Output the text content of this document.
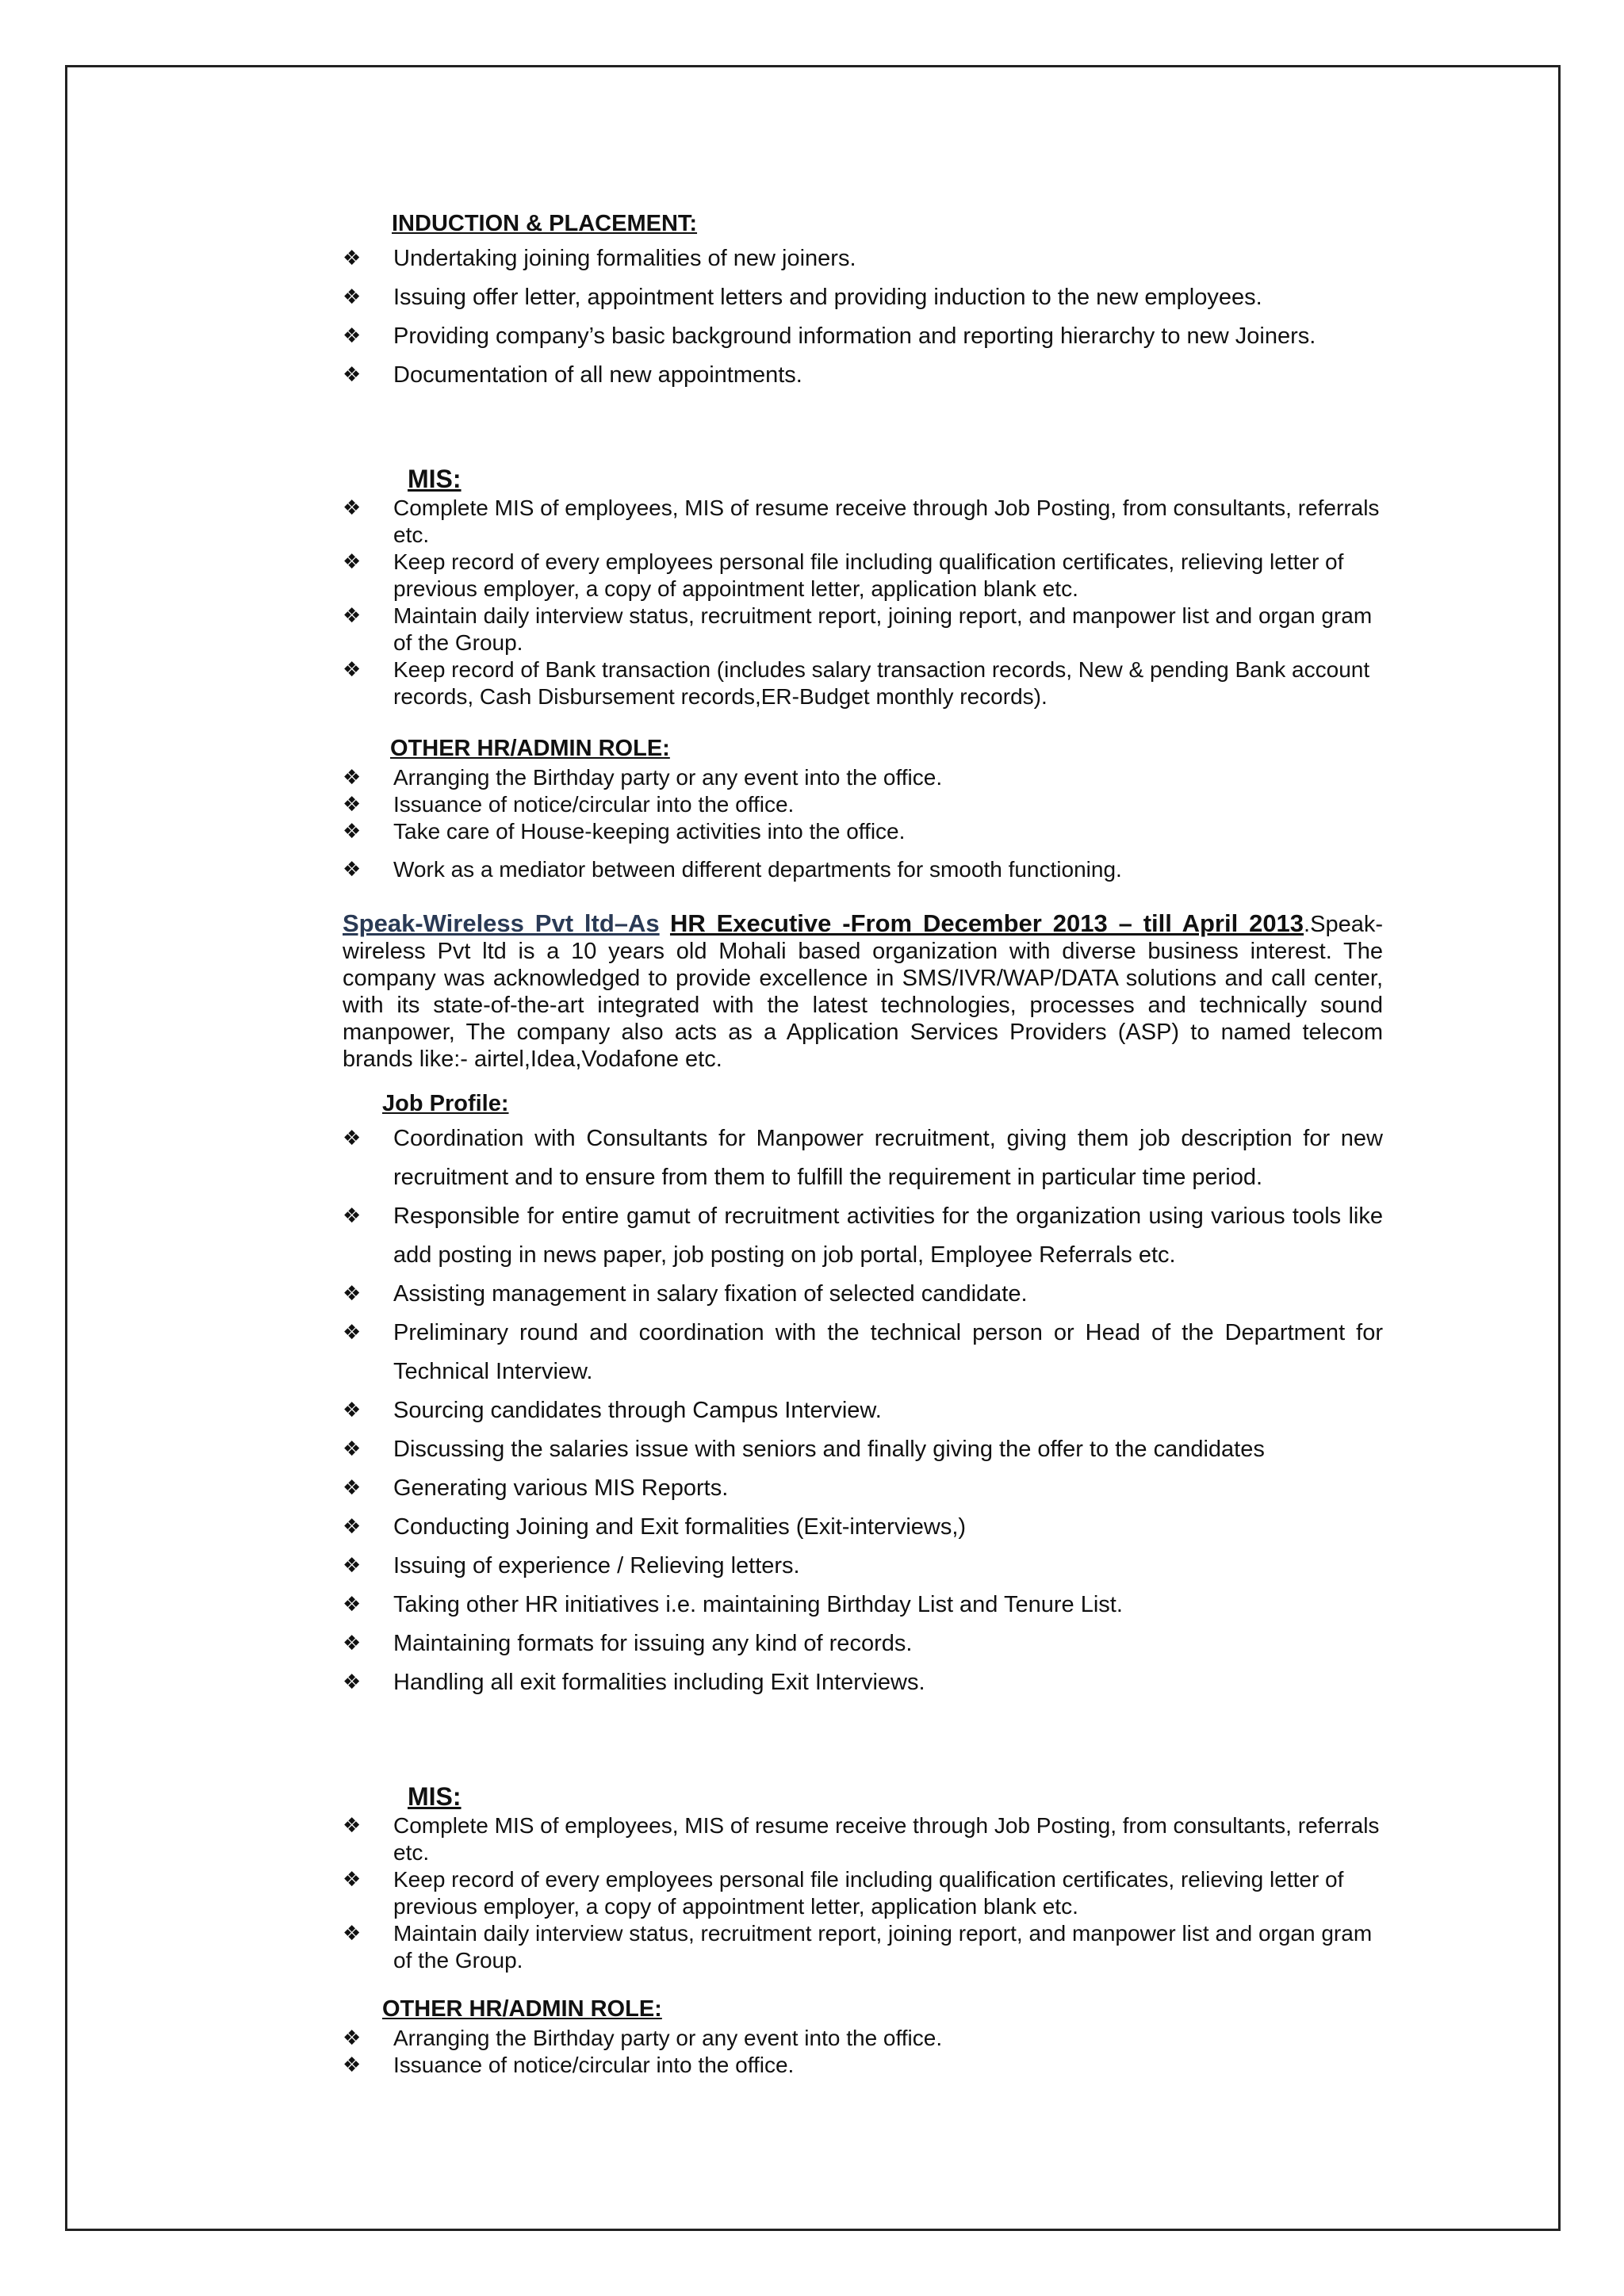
INDUCTION & PLACEMENT:
❖ Undertaking joining formalities of new joiners.
❖ Issuing offer letter, appointment letters and providing induction to the new employees.
❖ Providing company’s basic background information and reporting hierarchy to new Joiners.
❖ Documentation of all new appointments.
MIS:
❖ Complete MIS of employees, MIS of resume receive through Job Posting, from consultants, referrals etc.
❖ Keep record of every employees personal file including qualification certificates, relieving letter of previous employer, a copy of appointment letter, application blank etc.
❖ Maintain daily interview status, recruitment report, joining report, and manpower list and organ gram of the Group.
❖ Keep record of Bank transaction (includes salary transaction records, New & pending Bank account records, Cash Disbursement records,ER-Budget monthly records).
OTHER HR/ADMIN ROLE:
❖ Arranging the Birthday party or any event into the office.
❖ Issuance of notice/circular into the office.
❖ Take care of House-keeping activities into the office.
❖ Work as a mediator between different departments for smooth functioning.
Speak-Wireless Pvt ltd–As HR Executive -From December 2013 – till April 2013.Speak-wireless Pvt ltd is a 10 years old Mohali based organization with diverse business interest. The company was acknowledged to provide excellence in SMS/IVR/WAP/DATA solutions and call center, with its state-of-the-art integrated with the latest technologies, processes and technically sound manpower, The company also acts as a Application Services Providers (ASP) to named telecom brands like:- airtel,Idea,Vodafone etc.
Job Profile:
❖ Coordination with Consultants for Manpower recruitment, giving them job description for new recruitment and to ensure from them to fulfill the requirement in particular time period.
❖ Responsible for entire gamut of recruitment activities for the organization using various tools like add posting in news paper, job posting on job portal, Employee Referrals etc.
❖ Assisting management in salary fixation of selected candidate.
❖ Preliminary round and coordination with the technical person or Head of the Department for Technical Interview.
❖ Sourcing candidates through Campus Interview.
❖ Discussing the salaries issue with seniors and finally giving the offer to the candidates
❖ Generating various MIS Reports.
❖ Conducting Joining and Exit formalities (Exit-interviews,)
❖ Issuing of experience / Relieving letters.
❖ Taking other HR initiatives i.e. maintaining Birthday List and Tenure List.
❖ Maintaining formats for issuing any kind of records.
❖ Handling all exit formalities including Exit Interviews.
MIS:
❖ Complete MIS of employees, MIS of resume receive through Job Posting, from consultants, referrals etc.
❖ Keep record of every employees personal file including qualification certificates, relieving letter of previous employer, a copy of appointment letter, application blank etc.
❖ Maintain daily interview status, recruitment report, joining report, and manpower list and organ gram of the Group.
OTHER HR/ADMIN ROLE:
❖ Arranging the Birthday party or any event into the office.
❖ Issuance of notice/circular into the office.
